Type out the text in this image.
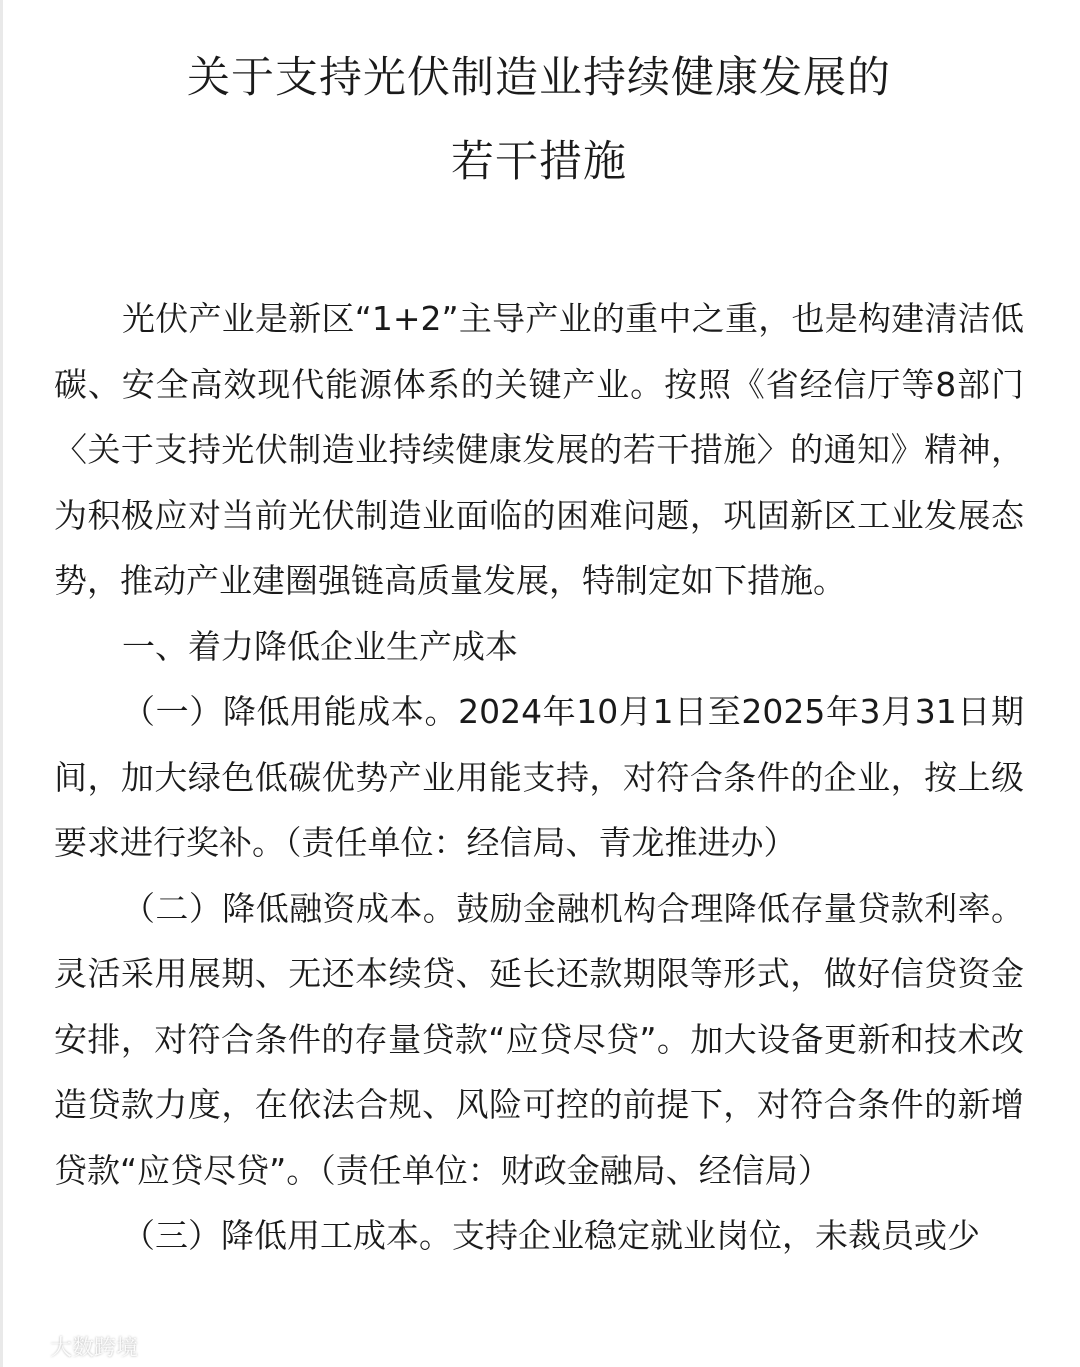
关于支持光伏制造业持续健康发展的
若干措施

光伏产业是新区“1+2”主导产业的重中之重，也是构建清洁低碳、安全高效现代能源体系的关键产业。按照《省经信厅等8部门〈关于支持光伏制造业持续健康发展的若干措施〉的通知》精神，为积极应对当前光伏制造业面临的困难问题，巩固新区工业发展态势，推动产业建圈强链高质量发展，特制定如下措施。

一、着力降低企业生产成本

（一）降低用能成本。2024年10月1日至2025年3月31日期间，加大绿色低碳优势产业用能支持，对符合条件的企业，按上级要求进行奖补。（责任单位：经信局、青龙推进办）

（二）降低融资成本。鼓励金融机构合理降低存量贷款利率。灵活采用展期、无还本续贷、延长还款期限等形式，做好信贷资金安排，对符合条件的存量贷款“应贷尽贷”。加大设备更新和技术改造贷款力度，在依法合规、风险可控的前提下，对符合条件的新增贷款“应贷尽贷”。（责任单位：财政金融局、经信局）

（三）降低用工成本。支持企业稳定就业岗位，未裁员或少

大数跨境
